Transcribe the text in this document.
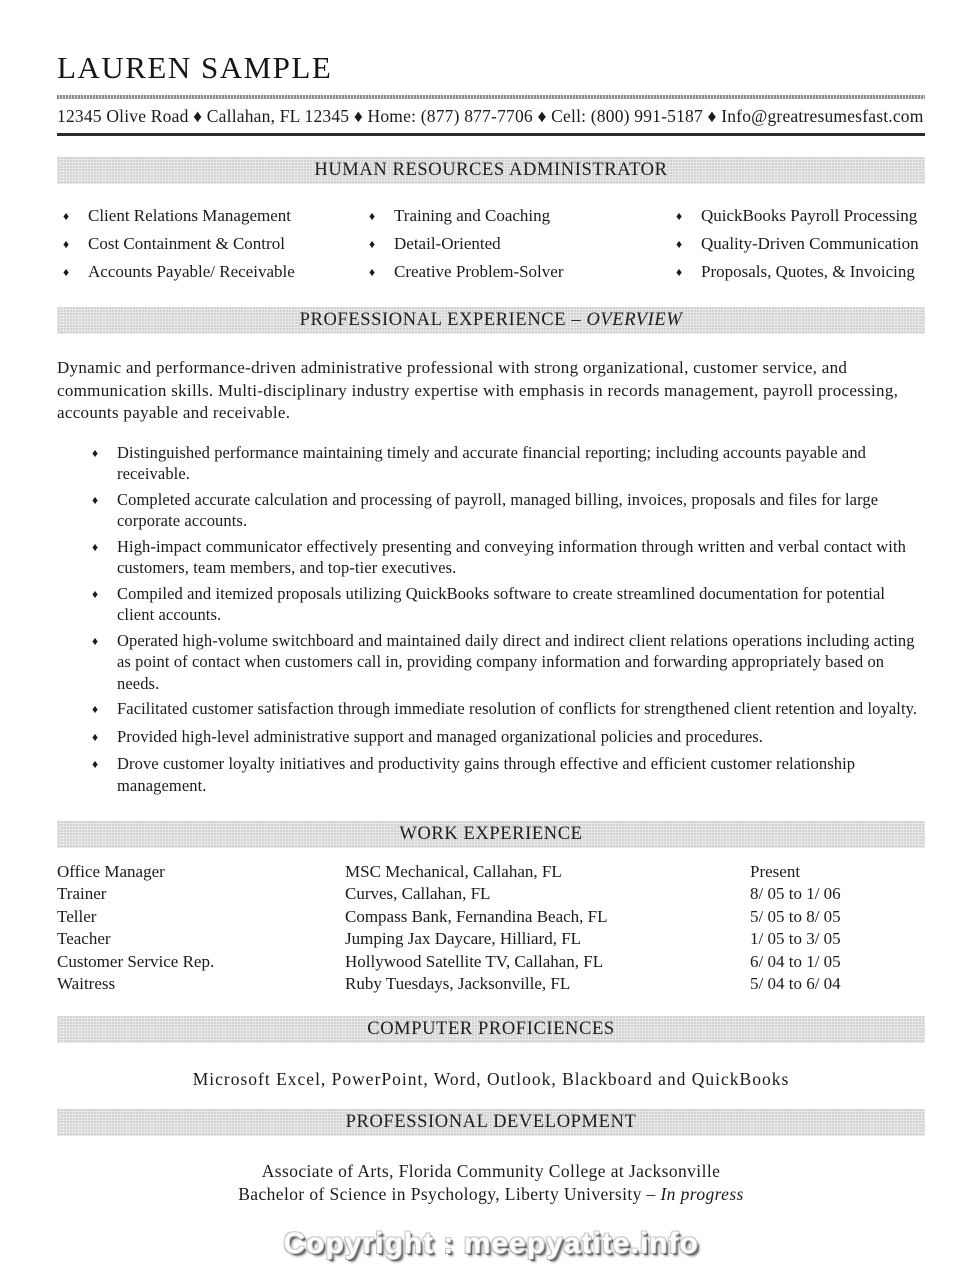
LAUREN SAMPLE
12345 Olive Road ♦ Callahan, FL 12345 ♦ Home: (877) 877-7706 ♦ Cell: (800) 991-5187 ♦ Info@greatresumesfast.com
HUMAN RESOURCES ADMINISTRATOR
♦	Client Relations Management	♦	Training and Coaching	♦	QuickBooks Payroll Processing
♦	Cost Containment & Control	♦	Detail-Oriented	♦	Quality-Driven Communication
♦	Accounts Payable/ Receivable	♦	Creative Problem-Solver	♦	Proposals, Quotes, & Invoicing
PROFESSIONAL EXPERIENCE – OVERVIEW

Dynamic and performance-driven administrative professional with strong organizational, customer service, and communication skills. Multi-disciplinary industry expertise with emphasis in records management, payroll processing, accounts payable and receivable.

♦	Distinguished performance maintaining timely and accurate financial reporting; including accounts payable and receivable.
♦	Completed accurate calculation and processing of payroll, managed billing, invoices, proposals and files for large corporate accounts.
♦	High-impact communicator effectively presenting and conveying information through written and verbal contact with customers, team members, and top-tier executives.
♦	Compiled and itemized proposals utilizing QuickBooks software to create streamlined documentation for potential client accounts.
♦	Operated high-volume switchboard and maintained daily direct and indirect client relations operations including acting as point of contact when customers call in, providing company information and forwarding appropriately based on needs.
♦	Facilitated customer satisfaction through immediate resolution of conflicts for strengthened client retention and loyalty.
♦	Provided high-level administrative support and managed organizational policies and procedures.
♦	Drove customer loyalty initiatives and productivity gains through effective and efficient customer relationship management.
WORK EXPERIENCE
Office Manager	MSC Mechanical, Callahan, FL	Present
Trainer	Curves, Callahan, FL	8/ 05 to 1/ 06
Teller	Compass Bank, Fernandina Beach, FL	5/ 05 to 8/ 05
Teacher	Jumping Jax Daycare, Hilliard, FL	1/ 05 to 3/ 05
Customer Service Rep.	Hollywood Satellite TV, Callahan, FL	6/ 04 to 1/ 05
Waitress	Ruby Tuesdays, Jacksonville, FL	5/ 04 to 6/ 04
COMPUTER PROFICIENCES
Microsoft Excel, PowerPoint, Word, Outlook, Blackboard and QuickBooks
PROFESSIONAL DEVELOPMENT
Associate of Arts, Florida Community College at Jacksonville
Bachelor of Science in Psychology, Liberty University – In progress
Copyright : meepyatite.info
